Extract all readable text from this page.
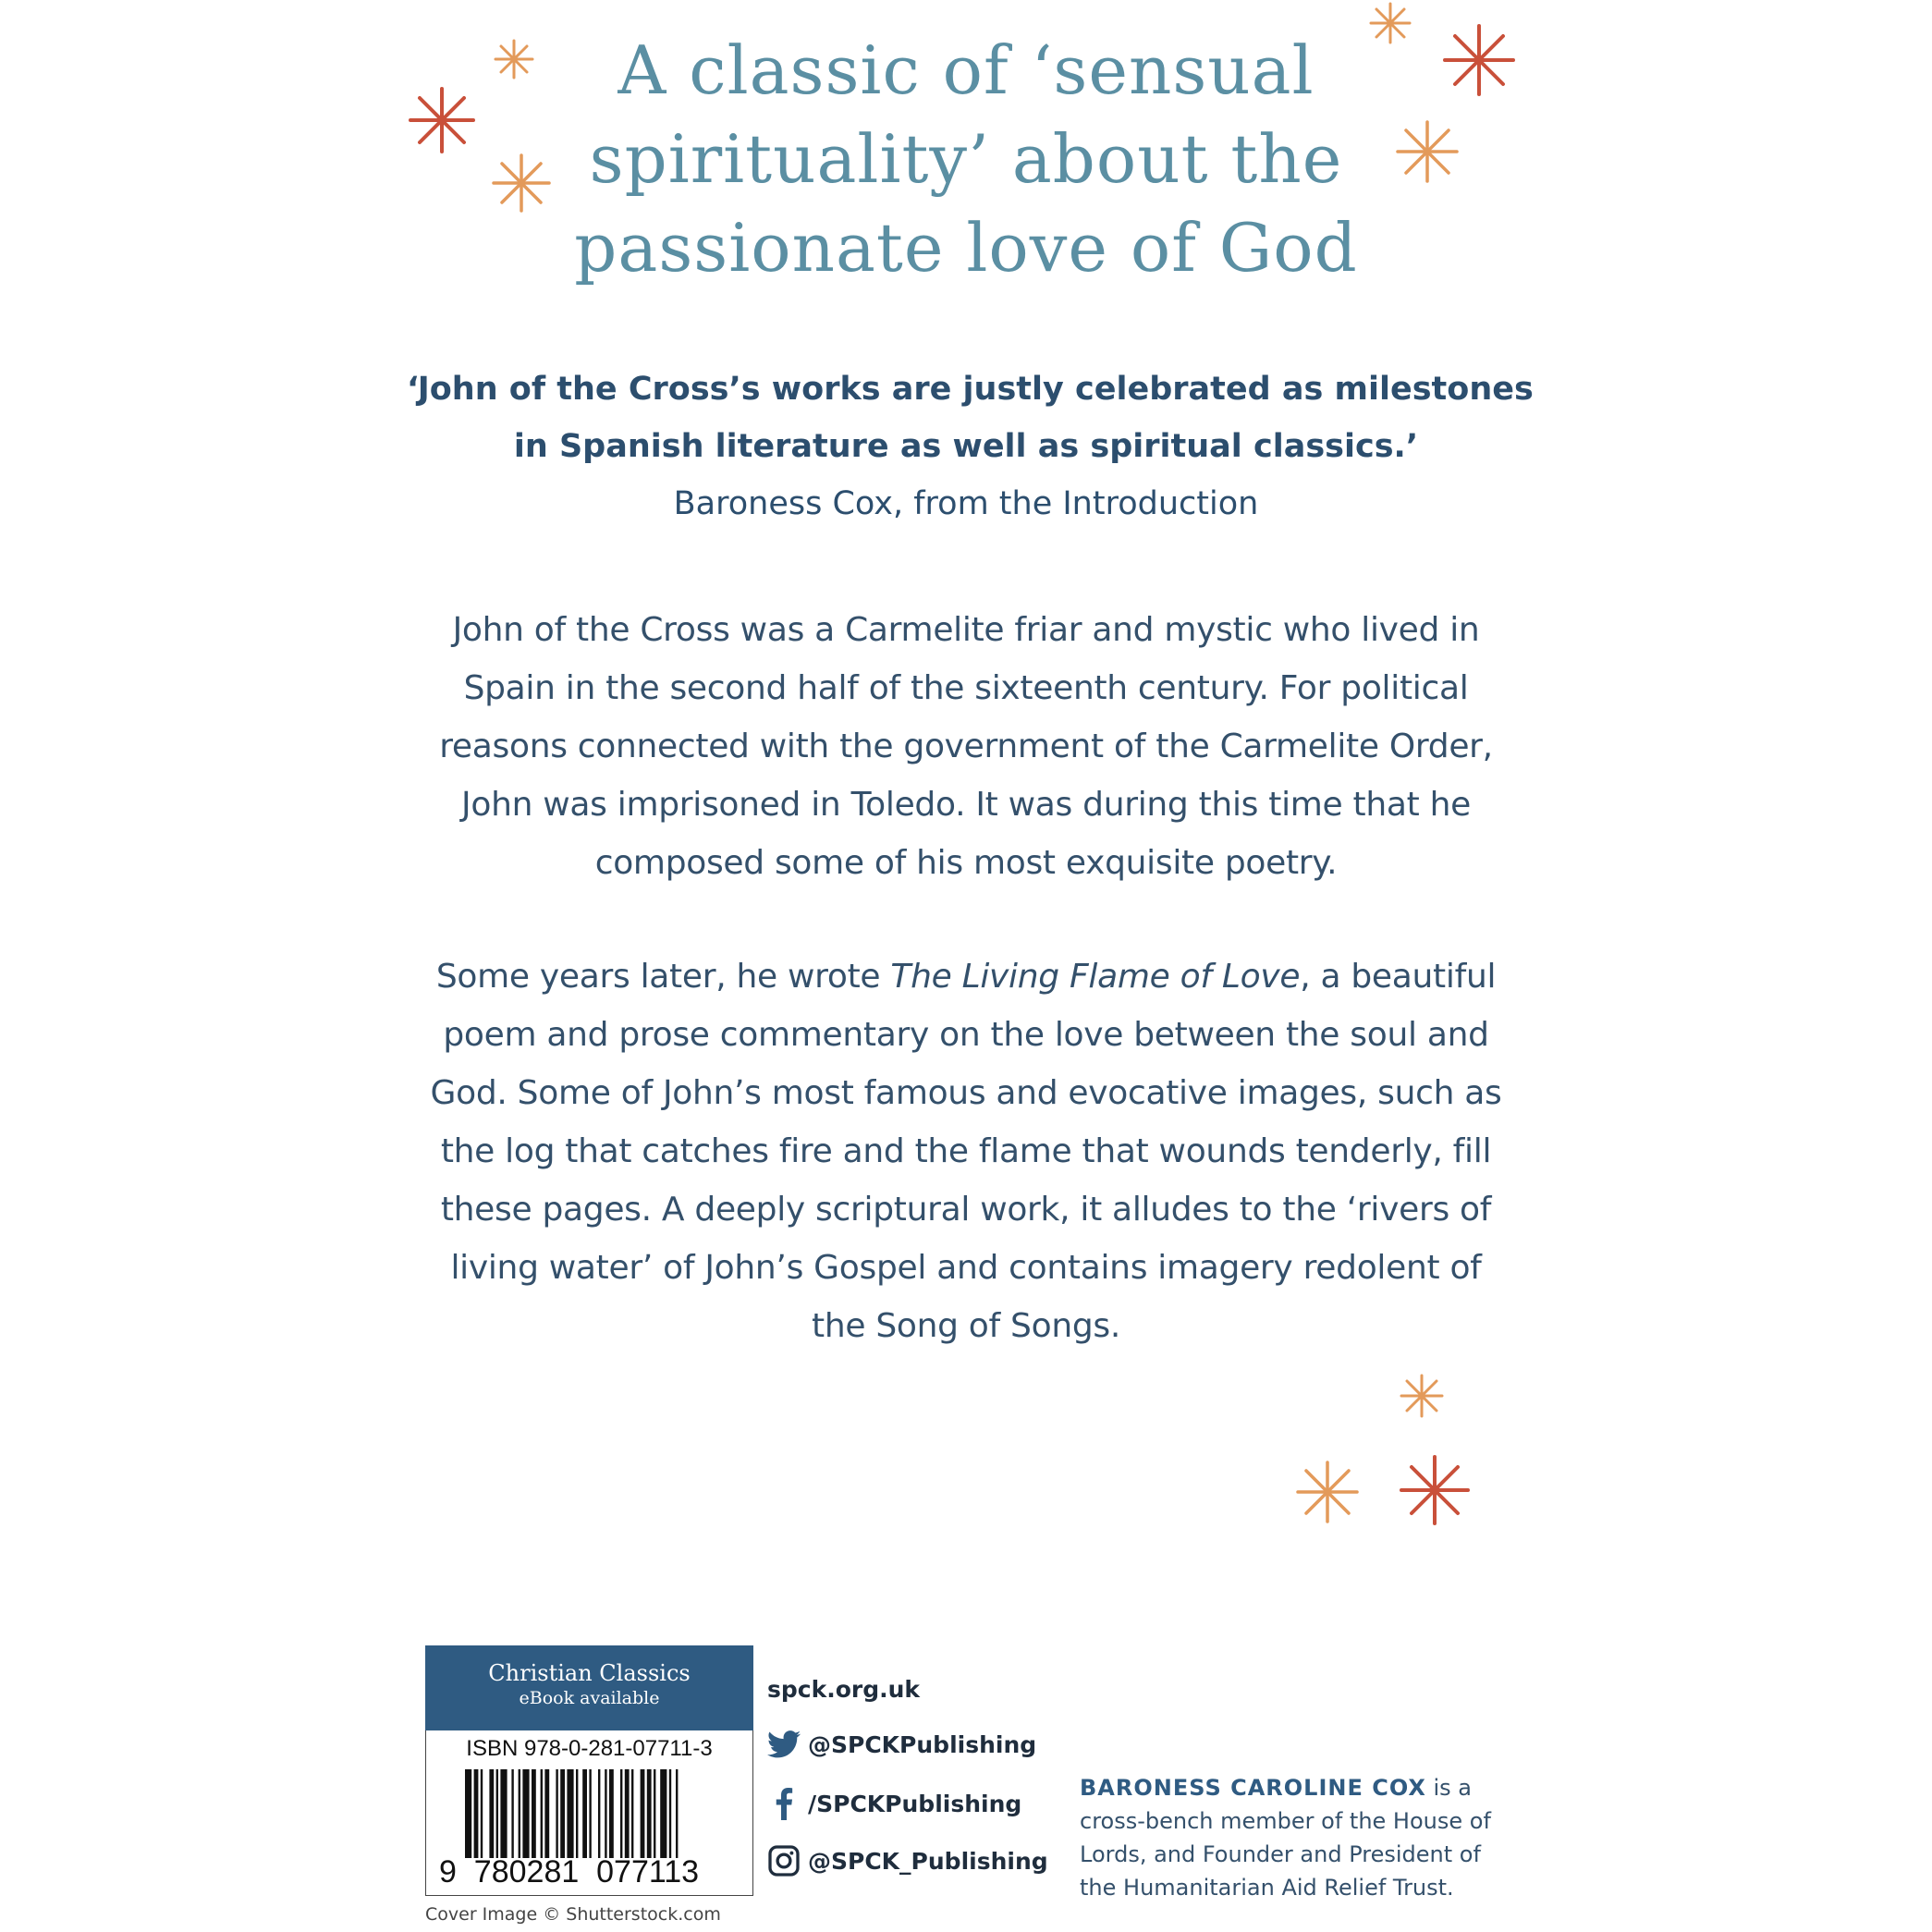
A classic of ‘sensual
spirituality’ about the
passionate love of God
‘John of the Cross’s works are justly celebrated as milestones
in Spanish literature as well as spiritual classics.’
Baroness Cox, from the Introduction
John of the Cross was a Carmelite friar and mystic who lived in
Spain in the second half of the sixteenth century. For political
reasons connected with the government of the Carmelite Order,
John was imprisoned in Toledo. It was during this time that he
composed some of his most exquisite poetry.
Some years later, he wrote The Living Flame of Love, a beautiful
poem and prose commentary on the love between the soul and
God. Some of John’s most famous and evocative images, such as
the log that catches fire and the flame that wounds tenderly, fill
these pages. A deeply scriptural work, it alludes to the ‘rivers of
living water’ of John’s Gospel and contains imagery redolent of
the Song of Songs.
Christian Classics
eBook available
ISBN 978-0-281-07711-3
9  780281  077113
Cover Image © Shutterstock.com
spck.org.uk
@SPCKPublishing
/SPCKPublishing
@SPCK_Publishing
BARONESS CAROLINE COX is a
cross-bench member of the House of
Lords, and Founder and President of
the Humanitarian Aid Relief Trust.
